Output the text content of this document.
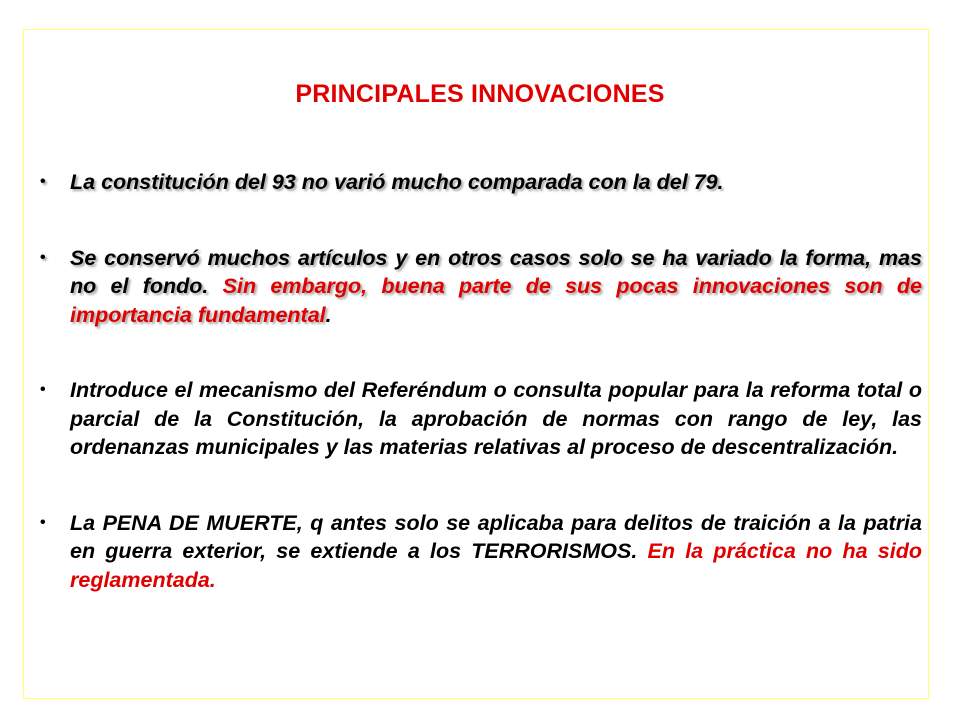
PRINCIPALES INNOVACIONES
• La constitución del 93 no varió mucho comparada con la del 79.
• Se conservó muchos artículos y en otros casos solo se ha variado la forma, mas no el fondo. Sin embargo, buena parte de sus pocas innovaciones son de importancia fundamental.
• Introduce el mecanismo del Referéndum o consulta popular para la reforma total o parcial de la Constitución, la aprobación de normas con rango de ley, las ordenanzas municipales y las materias relativas al proceso de descentralización.
• La PENA DE MUERTE, q antes solo se aplicaba para delitos de traición a la patria en guerra exterior, se extiende a los TERRORISMOS. En la práctica no ha sido reglamentada.
